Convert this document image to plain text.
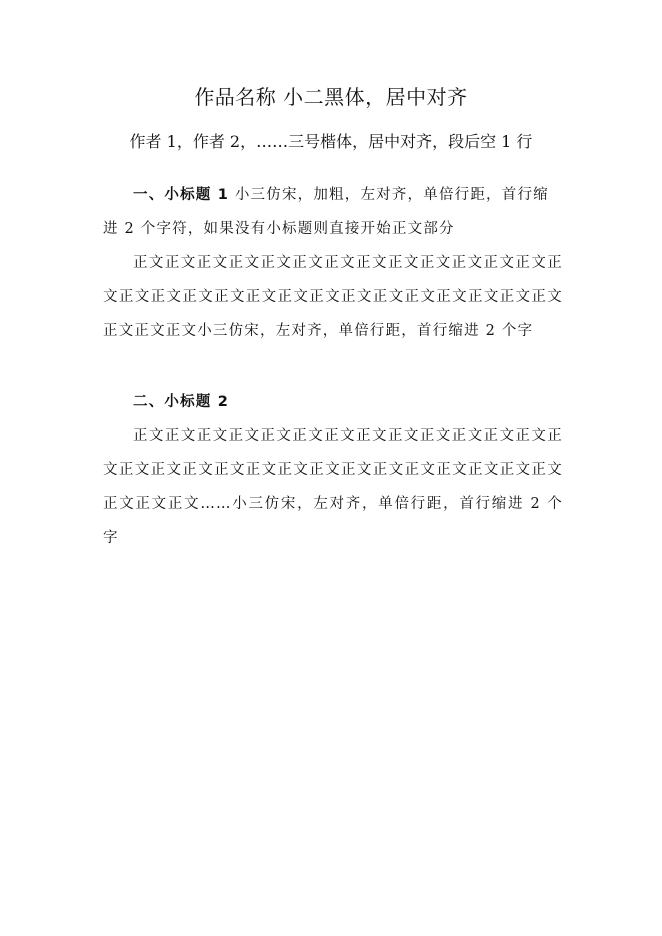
作品名称 小二黑体，居中对齐
作者 1，作者 2，……三号楷体，居中对齐，段后空 1 行

一、小标题 1 小三仿宋，加粗，左对齐，单倍行距，首行缩进 2 个字符，如果没有小标题则直接开始正文部分

正文正文正文正文正文正文正文正文正文正文正文正文正文正文正文正文正文正文正文正文正文正文正文正文正文正文正文正文正文正文正文小三仿宋，左对齐，单倍行距，首行缩进 2 个字

二、小标题 2

正文正文正文正文正文正文正文正文正文正文正文正文正文正文正文正文正文正文正文正文正文正文正文正文正文正文正文正文正文正文正文……小三仿宋，左对齐，单倍行距，首行缩进 2 个字
